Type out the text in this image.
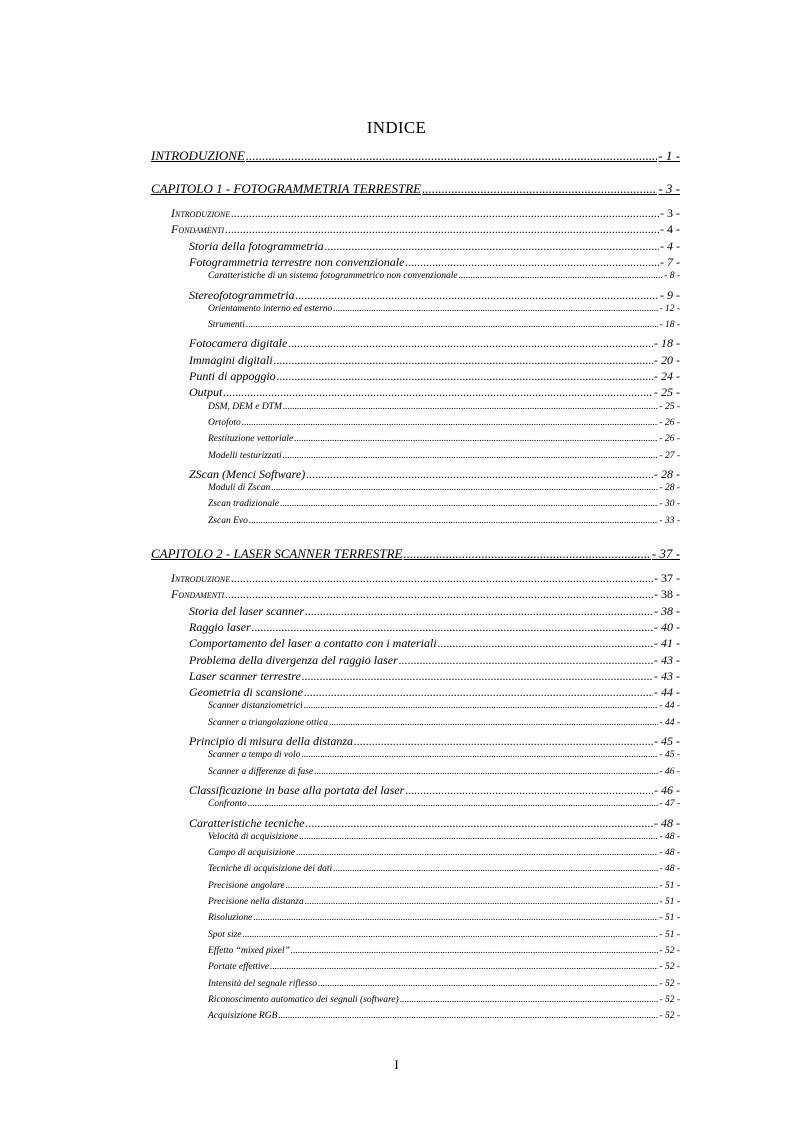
INDICE
INTRODUZIONE .....	- 1 -
CAPITOLO 1 - FOTOGRAMMETRIA TERRESTRE .....	- 3 -
Introduzione .....	- 3 -
Fondamenti .....	- 4 -
Storia della fotogrammetria .....	- 4 -
Fotogrammetria terrestre non convenzionale .....	- 7 -
Caratteristiche di un sistema fotogrammetrico non convenzionale .....	- 8 -
Stereofotogrammetria .....	- 9 -
Orientamento interno ed esterno .....	- 12 -
Strumenti .....	- 18 -
Fotocamera digitale .....	- 18 -
Immagini digitali .....	- 20 -
Punti di appoggio .....	- 24 -
Output .....	- 25 -
DSM, DEM e DTM .....	- 25 -
Ortofoto .....	- 26 -
Restituzione vettoriale .....	- 26 -
Modelli testurizzati .....	- 27 -
ZScan (Menci Software) .....	- 28 -
Moduli di Zscan .....	- 28 -
Zscan tradizionale .....	- 30 -
Zscan Evo .....	- 33 -
CAPITOLO 2 - LASER SCANNER TERRESTRE .....	- 37 -
Introduzione .....	- 37 -
Fondamenti .....	- 38 -
Storia del laser scanner .....	- 38 -
Raggio laser .....	- 40 -
Comportamento del laser a contatto con i materiali .....	- 41 -
Problema della divergenza del raggio laser .....	- 43 -
Laser scanner terrestre .....	- 43 -
Geometria di scansione .....	- 44 -
Scanner distanziometrici .....	- 44 -
Scanner a triangolazione ottica .....	- 44 -
Principio di misura della distanza .....	- 45 -
Scanner a tempo di volo .....	- 45 -
Scanner a differenze di fase .....	- 46 -
Classificazione in base alla portata del laser .....	- 46 -
Confronto .....	- 47 -
Caratteristiche tecniche .....	- 48 -
Velocità di acquisizione .....	- 48 -
Campo di acquisizione .....	- 48 -
Tecniche di acquisizione dei dati .....	- 48 -
Precisione angolare .....	- 51 -
Precisione nella distanza .....	- 51 -
Risoluzione .....	- 51 -
Spot size .....	- 51 -
Effetto “mixed pixel” .....	- 52 -
Portate effettive .....	- 52 -
Intensità del segnale riflesso .....	- 52 -
Riconoscimento automatico dei segnali (software) .....	- 52 -
Acquisizione RGB .....	- 52 -
I
